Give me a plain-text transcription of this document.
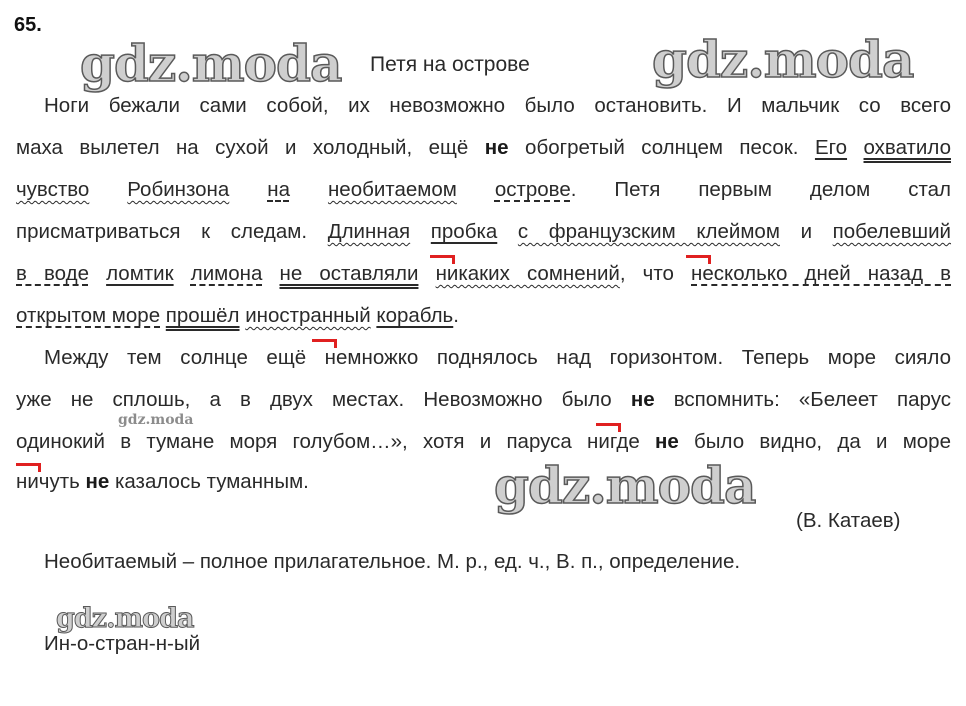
65.
gdz.moda Петя на острове gdz.moda
Ноги бежали сами собой, их невозможно было остановить. И мальчик со всего
маха вылетел на сухой и холодный, ещё не обогретый солнцем песок. Его охватило
чувство Робинзона на необитаемом острове. Петя первым делом стал
присматриваться к следам. Длинная пробка с французским клеймом и побелевший
в воде ломтик лимона не оставляли никаких сомнений, что несколько дней назад в
открытом море прошёл иностранный корабль.
Между тем солнце ещё немножко поднялось над горизонтом. Теперь море сияло
уже не сплошь, а в двух местах. Невозможно было не вспомнить: «Белеет парус
одинокий в тумане моря голубом…», хотя и паруса нигде не было видно, да и море
ничуть не казалось туманным.
gdz.moda
gdz.moda
(В. Катаев)
Необитаемый – полное прилагательное. М. р., ед. ч., В. п., определение.
gdz.moda
Ин-о-стран-н-ый
